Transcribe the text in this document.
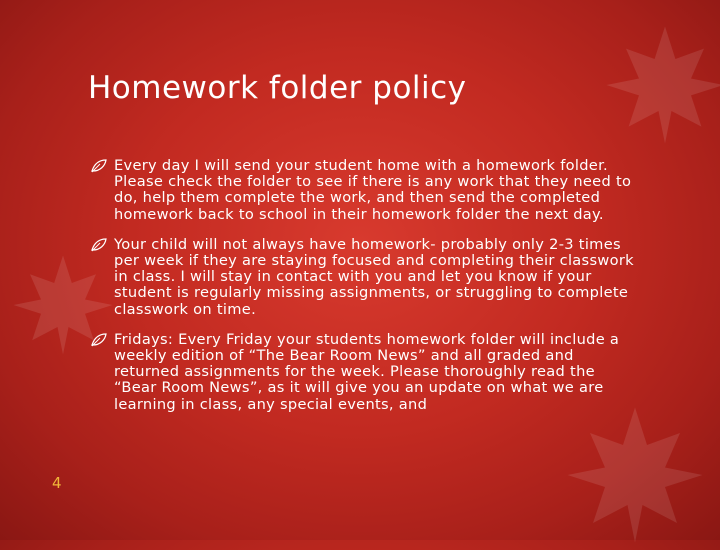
Homework folder policy
Every day I will send your student home with a homework folder. Please check the folder to see if there is any work that they need to do, help them complete the work, and then send the completed homework back to school in their homework folder the next day.
Your child will not always have homework- probably only 2-3 times per week if they are staying focused and completing their classwork in class. I will stay in contact with you and let you know if your student is regularly missing assignments, or struggling to complete classwork on time.
Fridays: Every Friday your students homework folder will include a weekly edition of “The Bear Room News” and all graded and returned assignments for the week. Please thoroughly read the “Bear Room News”, as it will give you an update on what we are learning in class, any special events, and
4
